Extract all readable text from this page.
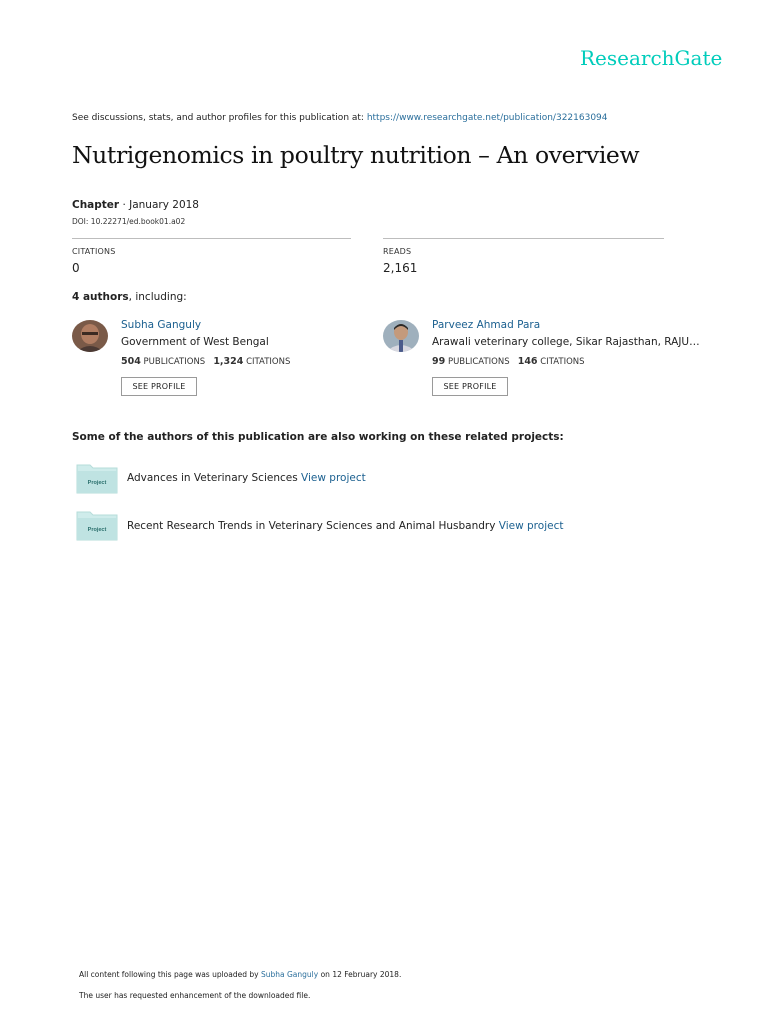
ResearchGate
See discussions, stats, and author profiles for this publication at: https://www.researchgate.net/publication/322163094
Nutrigenomics in poultry nutrition – An overview
Chapter · January 2018
DOI: 10.22271/ed.book01.a02
CITATIONS
0
READS
2,161
4 authors, including:
Subha Ganguly
Government of West Bengal
504 PUBLICATIONS 1,324 CITATIONS
SEE PROFILE
Parveez Ahmad Para
Arawali veterinary college, Sikar Rajasthan, RAJU…
99 PUBLICATIONS 146 CITATIONS
SEE PROFILE
Some of the authors of this publication are also working on these related projects:
Project Advances in Veterinary Sciences View project
Project Recent Research Trends in Veterinary Sciences and Animal Husbandry View project
All content following this page was uploaded by Subha Ganguly on 12 February 2018.
The user has requested enhancement of the downloaded file.
